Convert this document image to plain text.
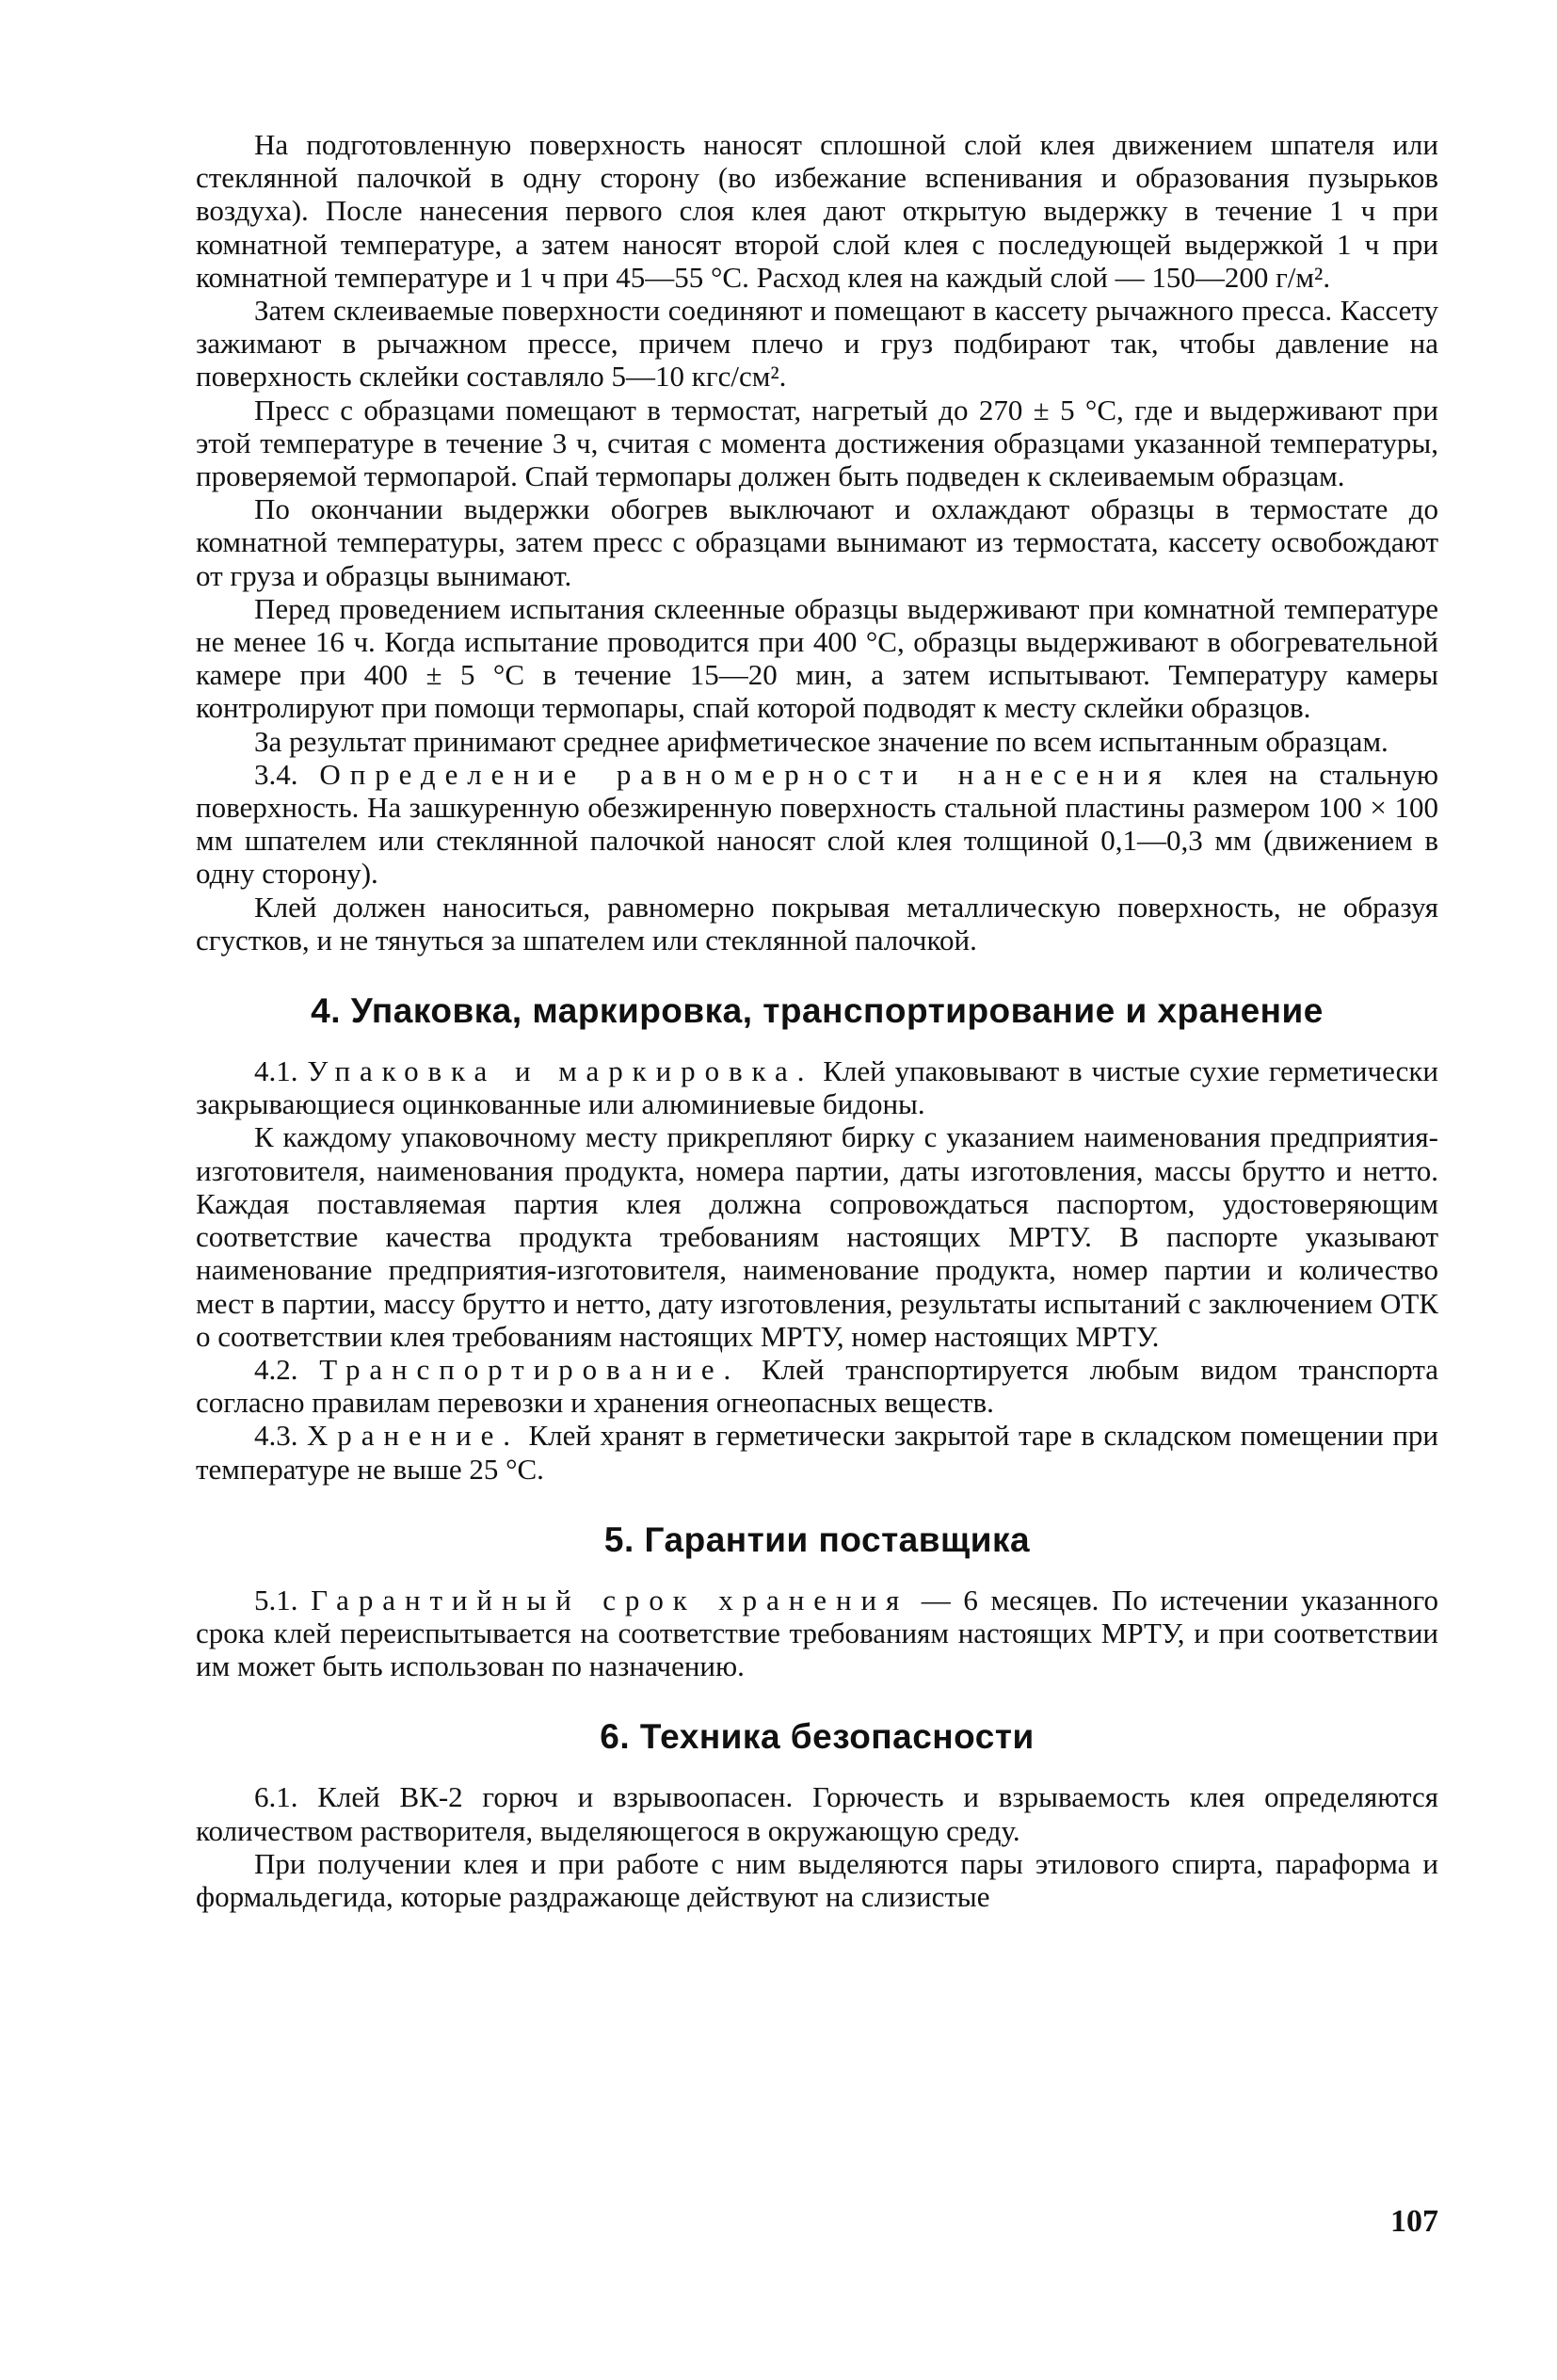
На подготовленную поверхность наносят сплошной слой клея движением шпателя или стеклянной палочкой в одну сторону (во избежание вспенивания и образования пузырьков воздуха). После нанесения первого слоя клея дают открытую выдержку в течение 1 ч при комнатной температуре, а затем наносят второй слой клея с последующей выдержкой 1 ч при комнатной температуре и 1 ч при 45—55 °С. Расход клея на каждый слой — 150—200 г/м².

Затем склеиваемые поверхности соединяют и помещают в кассету рычажного пресса. Кассету зажимают в рычажном прессе, причем плечо и груз подбирают так, чтобы давление на поверхность склейки составляло 5—10 кгс/см².

Пресс с образцами помещают в термостат, нагретый до 270 ± 5 °С, где и выдерживают при этой температуре в течение 3 ч, считая с момента достижения образцами указанной температуры, проверяемой термопарой. Спай термопары должен быть подведен к склеиваемым образцам.

По окончании выдержки обогрев выключают и охлаждают образцы в термостате до комнатной температуры, затем пресс с образцами вынимают из термостата, кассету освобождают от груза и образцы вынимают.

Перед проведением испытания склеенные образцы выдерживают при комнатной температуре не менее 16 ч. Когда испытание проводится при 400 °С, образцы выдерживают в обогревательной камере при 400 ± 5 °С в течение 15—20 мин, а затем испытывают. Температуру камеры контролируют при помощи термопары, спай которой подводят к месту склейки образцов.

За результат принимают среднее арифметическое значение по всем испытанным образцам.

3.4. Определение равномерности нанесения клея на стальную поверхность. На зашкуренную обезжиренную поверхность стальной пластины размером 100 × 100 мм шпателем или стеклянной палочкой наносят слой клея толщиной 0,1—0,3 мм (движением в одну сторону).

Клей должен наноситься, равномерно покрывая металлическую поверхность, не образуя сгустков, и не тянуться за шпателем или стеклянной палочкой.

4. Упаковка, маркировка, транспортирование и хранение

4.1. Упаковка и маркировка. Клей упаковывают в чистые сухие герметически закрывающиеся оцинкованные или алюминиевые бидоны.

К каждому упаковочному месту прикрепляют бирку с указанием наименования предприятия-изготовителя, наименования продукта, номера партии, даты изготовления, массы брутто и нетто. Каждая поставляемая партия клея должна сопровождаться паспортом, удостоверяющим соответствие качества продукта требованиям настоящих МРТУ. В паспорте указывают наименование предприятия-изготовителя, наименование продукта, номер партии и количество мест в партии, массу брутто и нетто, дату изготовления, результаты испытаний с заключением ОТК о соответствии клея требованиям настоящих МРТУ, номер настоящих МРТУ.

4.2. Транспортирование. Клей транспортируется любым видом транспорта согласно правилам перевозки и хранения огнеопасных веществ.

4.3. Хранение. Клей хранят в герметически закрытой таре в складском помещении при температуре не выше 25 °С.

5. Гарантии поставщика

5.1. Гарантийный срок хранения — 6 месяцев. По истечении указанного срока клей переиспытывается на соответствие требованиям настоящих МРТУ, и при соответствии им может быть использован по назначению.

6. Техника безопасности

6.1. Клей ВК-2 горюч и взрывоопасен. Горючесть и взрываемость клея определяются количеством растворителя, выделяющегося в окружающую среду.

При получении клея и при работе с ним выделяются пары этилового спирта, параформа и формальдегида, которые раздражающе действуют на слизистые

107
